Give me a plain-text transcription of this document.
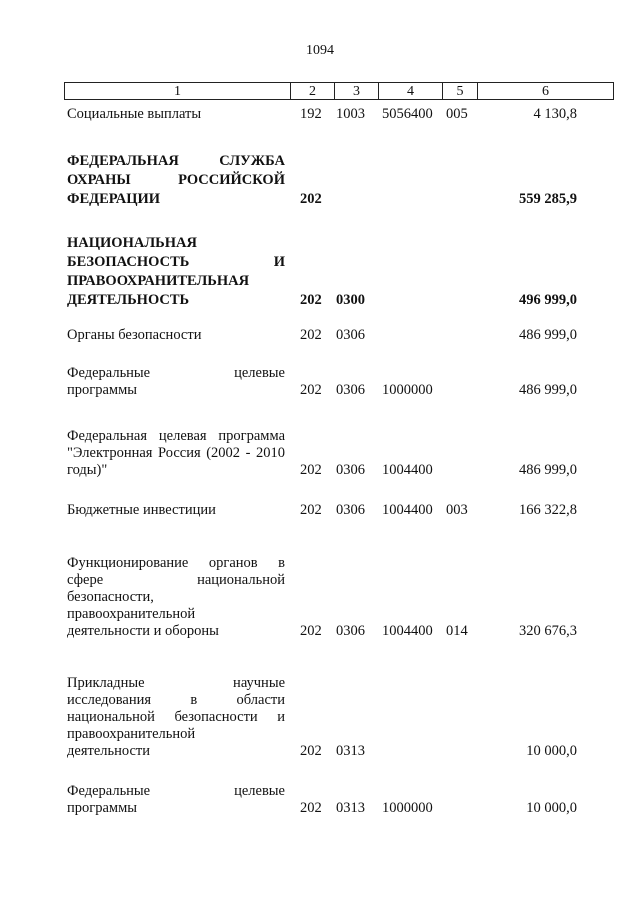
1094
1	2	3	4	5	6
Социальные выплаты	192 1003 5056400 005	4 130,8
ФЕДЕРАЛЬНАЯ СЛУЖБА
ОХРАНЫ РОССИЙСКОЙ
ФЕДЕРАЦИИ	202	559 285,9
НАЦИОНАЛЬНАЯ
БЕЗОПАСНОСТЬ И
ПРАВООХРАНИТЕЛЬНАЯ
ДЕЯТЕЛЬНОСТЬ	202 0300	496 999,0
Органы безопасности	202 0306	486 999,0
Федеральные целевые
программы	202 0306 1000000	486 999,0
Федеральная целевая программа
"Электронная Россия (2002 - 2010
годы)"	202 0306 1004400	486 999,0
Бюджетные инвестиции	202 0306 1004400 003	166 322,8
Функционирование органов в
сфере национальной
безопасности,
правоохранительной
деятельности и обороны	202 0306 1004400 014	320 676,3
Прикладные научные
исследования в области
национальной безопасности и
правоохранительной
деятельности	202 0313	10 000,0
Федеральные целевые
программы	202 0313 1000000	10 000,0
